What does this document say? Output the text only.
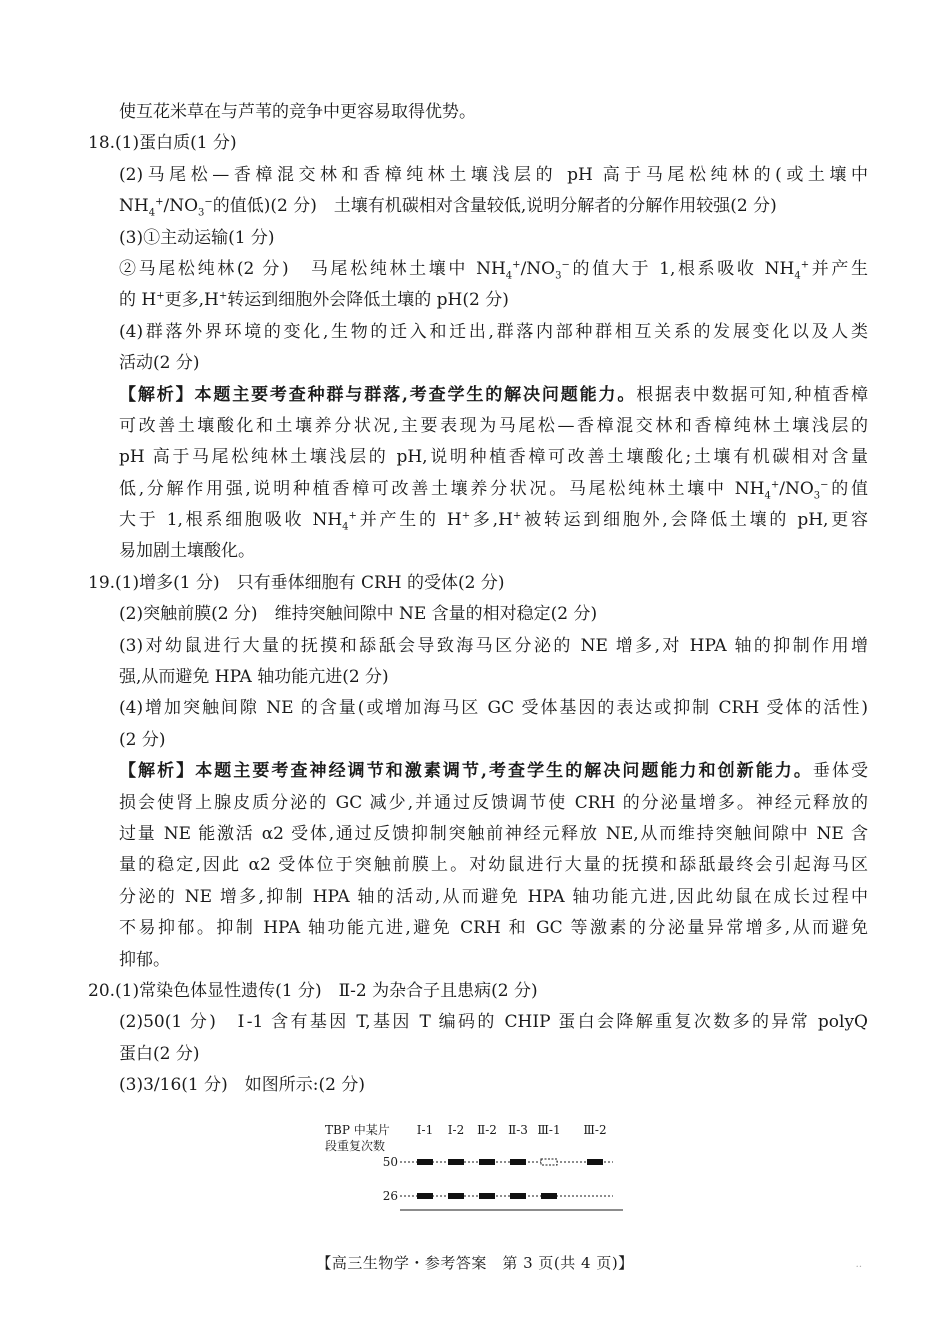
使互花米草在与芦苇的竞争中更容易取得优势。
18.(1)蛋白质(1 分)
(2)马尾松—香樟混交林和香樟纯林土壤浅层的 pH 高于马尾松纯林的(或土壤中
$NH_4^+/NO_3^-$的值低)(2 分)　土壤有机碳相对含量较低,说明分解者的分解作用较强(2 分)
(3)①主动运输(1 分)
②马尾松纯林(2 分)　马尾松纯林土壤中 $NH_4^+/NO_3^-$的值大于 1,根系吸收 $NH_4^+$并产生
的 H+更多,H+转运到细胞外会降低土壤的 pH(2 分)
(4)群落外界环境的变化,生物的迁入和迁出,群落内部种群相互关系的发展变化以及人类
活动(2 分)
【解析】本题主要考查种群与群落,考查学生的解决问题能力。根据表中数据可知,种植香樟
可改善土壤酸化和土壤养分状况,主要表现为马尾松—香樟混交林和香樟纯林土壤浅层的
pH 高于马尾松纯林土壤浅层的 pH,说明种植香樟可改善土壤酸化;土壤有机碳相对含量
低,分解作用强,说明种植香樟可改善土壤养分状况。马尾松纯林土壤中 $NH_4^+/NO_3^-$的值
大于 1,根系细胞吸收 $NH_4^+$并产生的 H+多,H+被转运到细胞外,会降低土壤的 pH,更容
易加剧土壤酸化。
19.(1)增多(1 分)　只有垂体细胞有 CRH 的受体(2 分)
(2)突触前膜(2 分)　维持突触间隙中 NE 含量的相对稳定(2 分)
(3)对幼鼠进行大量的抚摸和舔舐会导致海马区分泌的 NE 增多,对 HPA 轴的抑制作用增
强,从而避免 HPA 轴功能亢进(2 分)
(4)增加突触间隙 NE 的含量(或增加海马区 GC 受体基因的表达或抑制 CRH 受体的活性)
(2 分)
【解析】本题主要考查神经调节和激素调节,考查学生的解决问题能力和创新能力。垂体受
损会使肾上腺皮质分泌的 GC 减少,并通过反馈调节使 CRH 的分泌量增多。神经元释放的
过量 NE 能激活 α2 受体,通过反馈抑制突触前神经元释放 NE,从而维持突触间隙中 NE 含
量的稳定,因此 α2 受体位于突触前膜上。对幼鼠进行大量的抚摸和舔舐最终会引起海马区
分泌的 NE 增多,抑制 HPA 轴的活动,从而避免 HPA 轴功能亢进,因此幼鼠在成长过程中
不易抑郁。抑制 HPA 轴功能亢进,避免 CRH 和 GC 等激素的分泌量异常增多,从而避免
抑郁。
20.(1)常染色体显性遗传(1 分)　Ⅱ-2 为杂合子且患病(2 分)
(2)50(1 分)　Ⅰ-1 含有基因 T,基因 T 编码的 CHIP 蛋白会降解重复次数多的异常 polyQ
蛋白(2 分)
(3)3/16(1 分)　如图所示:(2 分)
TBP 中某片
段重复次数
Ⅰ-1 Ⅰ-2 Ⅱ-2 Ⅱ-3 Ⅲ-1 Ⅲ-2
50
26
【高三生物学・参考答案　第 3 页(共 4 页)】	··
